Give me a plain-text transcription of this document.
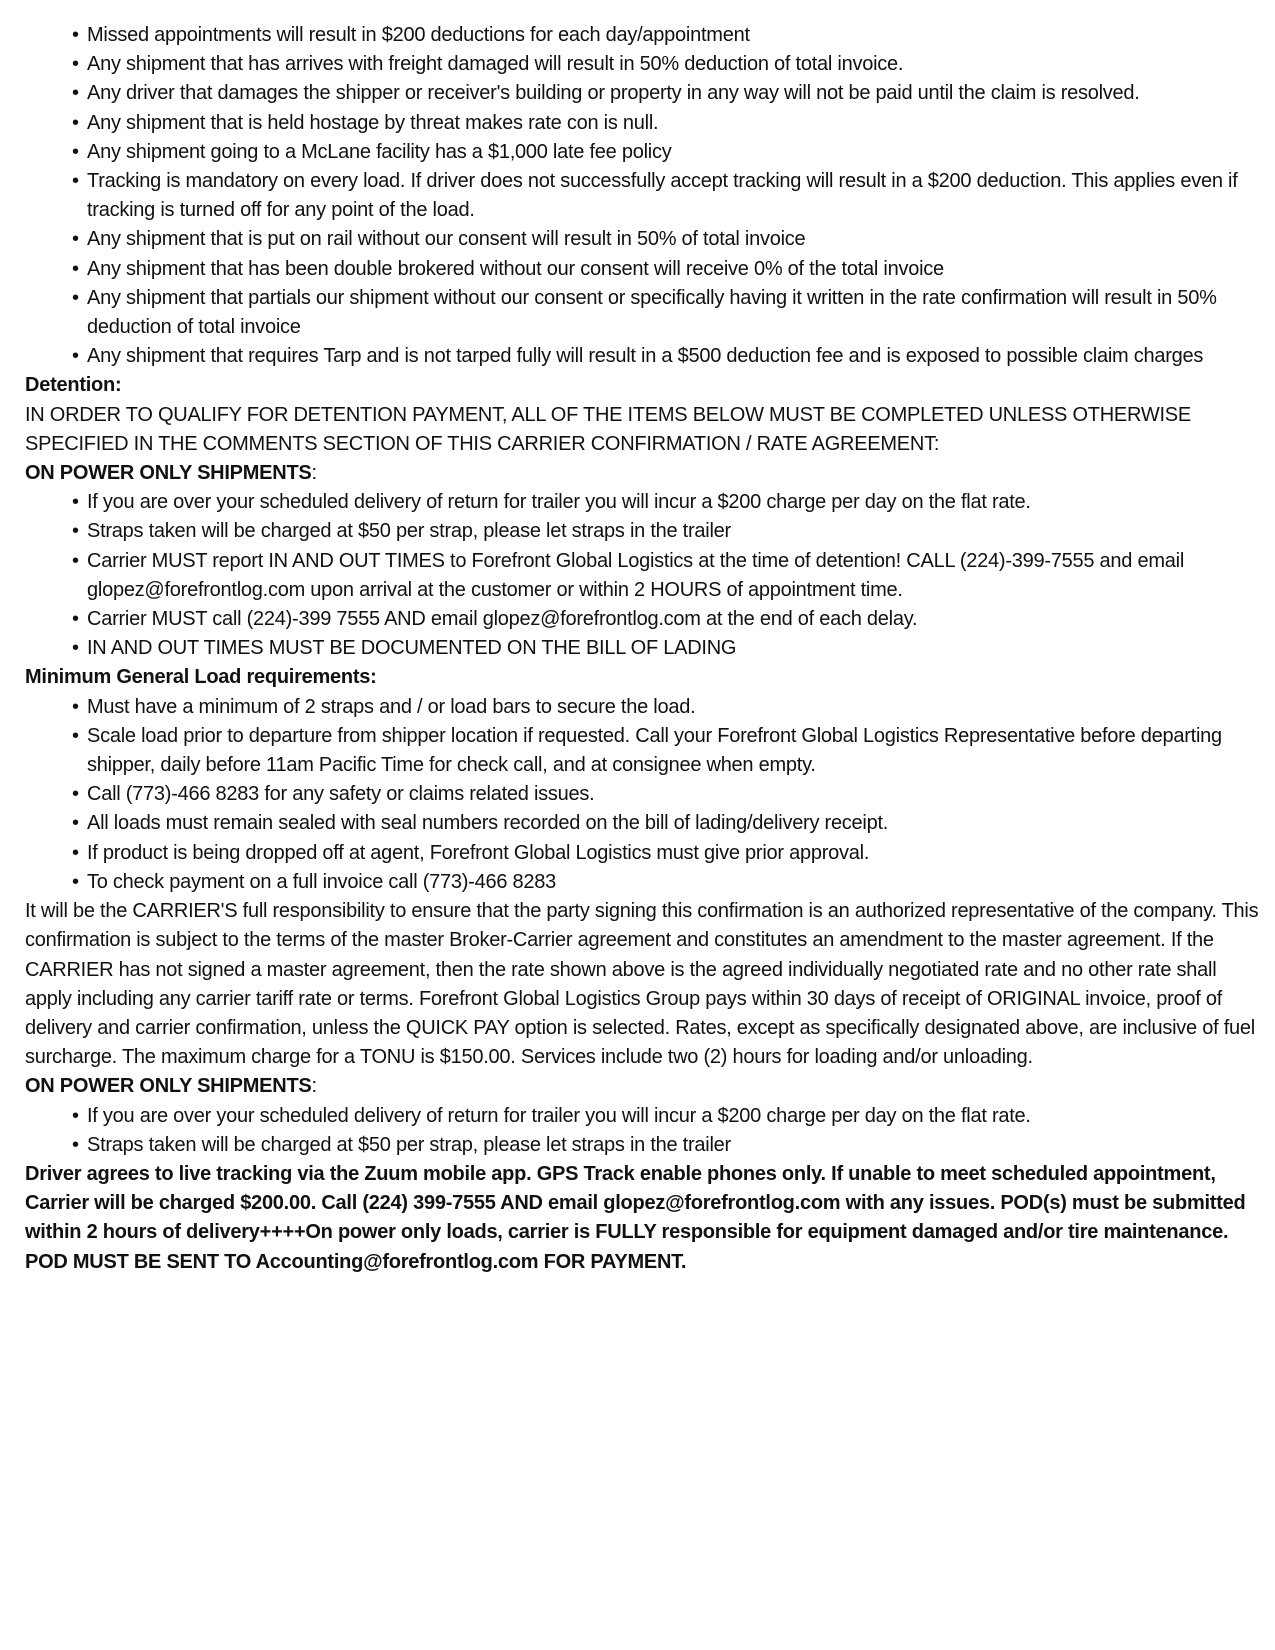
• Missed appointments will result in $200 deductions for each day/appointment
• Any shipment that has arrives with freight damaged will result in 50% deduction of total invoice.
• Any driver that damages the shipper or receiver's building or property in any way will not be paid until the claim is resolved.
• Any shipment that is held hostage by threat makes rate con is null.
• Any shipment going to a McLane facility has a $1,000 late fee policy
• Tracking is mandatory on every load. If driver does not successfully accept tracking will result in a $200 deduction. This applies even if tracking is turned off for any point of the load.
• Any shipment that is put on rail without our consent will result in 50% of total invoice
• Any shipment that has been double brokered without our consent will receive 0% of the total invoice
• Any shipment that partials our shipment without our consent or specifically having it written in the rate confirmation will result in 50% deduction of total invoice
• Any shipment that requires Tarp and is not tarped fully will result in a $500 deduction fee and is exposed to possible claim charges
Detention:

IN ORDER TO QUALIFY FOR DETENTION PAYMENT, ALL OF THE ITEMS BELOW MUST BE COMPLETED UNLESS OTHERWISE SPECIFIED IN THE COMMENTS SECTION OF THIS CARRIER CONFIRMATION / RATE AGREEMENT:

ON POWER ONLY SHIPMENTS:
• If you are over your scheduled delivery of return for trailer you will incur a $200 charge per day on the flat rate.
• Straps taken will be charged at $50 per strap, please let straps in the trailer
• Carrier MUST report IN AND OUT TIMES to Forefront Global Logistics at the time of detention! CALL (224)-399-7555 and email glopez@forefrontlog.com upon arrival at the customer or within 2 HOURS of appointment time.
• Carrier MUST call (224)-399 7555 AND email glopez@forefrontlog.com at the end of each delay.
• IN AND OUT TIMES MUST BE DOCUMENTED ON THE BILL OF LADING
Minimum General Load requirements:
• Must have a minimum of 2 straps and / or load bars to secure the load.
• Scale load prior to departure from shipper location if requested. Call your Forefront Global Logistics Representative before departing shipper, daily before 11am Pacific Time for check call, and at consignee when empty.
• Call (773)-466 8283 for any safety or claims related issues.
• All loads must remain sealed with seal numbers recorded on the bill of lading/delivery receipt.
• If product is being dropped off at agent, Forefront Global Logistics must give prior approval.
• To check payment on a full invoice call (773)-466 8283

It will be the CARRIER'S full responsibility to ensure that the party signing this confirmation is an authorized representative of the company. This confirmation is subject to the terms of the master Broker-Carrier agreement and constitutes an amendment to the master agreement. If the CARRIER has not signed a master agreement, then the rate shown above is the agreed individually negotiated rate and no other rate shall apply including any carrier tariff rate or terms. Forefront Global Logistics Group pays within 30 days of receipt of ORIGINAL invoice, proof of delivery and carrier confirmation, unless the QUICK PAY option is selected. Rates, except as specifically designated above, are inclusive of fuel surcharge. The maximum charge for a TONU is $150.00. Services include two (2) hours for loading and/or unloading.

ON POWER ONLY SHIPMENTS:
• If you are over your scheduled delivery of return for trailer you will incur a $200 charge per day on the flat rate.
• Straps taken will be charged at $50 per strap, please let straps in the trailer

Driver agrees to live tracking via the Zuum mobile app. GPS Track enable phones only. If unable to meet scheduled appointment, Carrier will be charged $200.00. Call (224) 399-7555 AND email glopez@forefrontlog.com with any issues. POD(s) must be submitted within 2 hours of delivery++++On power only loads, carrier is FULLY responsible for equipment damaged and/or tire maintenance.

POD MUST BE SENT TO Accounting@forefrontlog.com FOR PAYMENT.
